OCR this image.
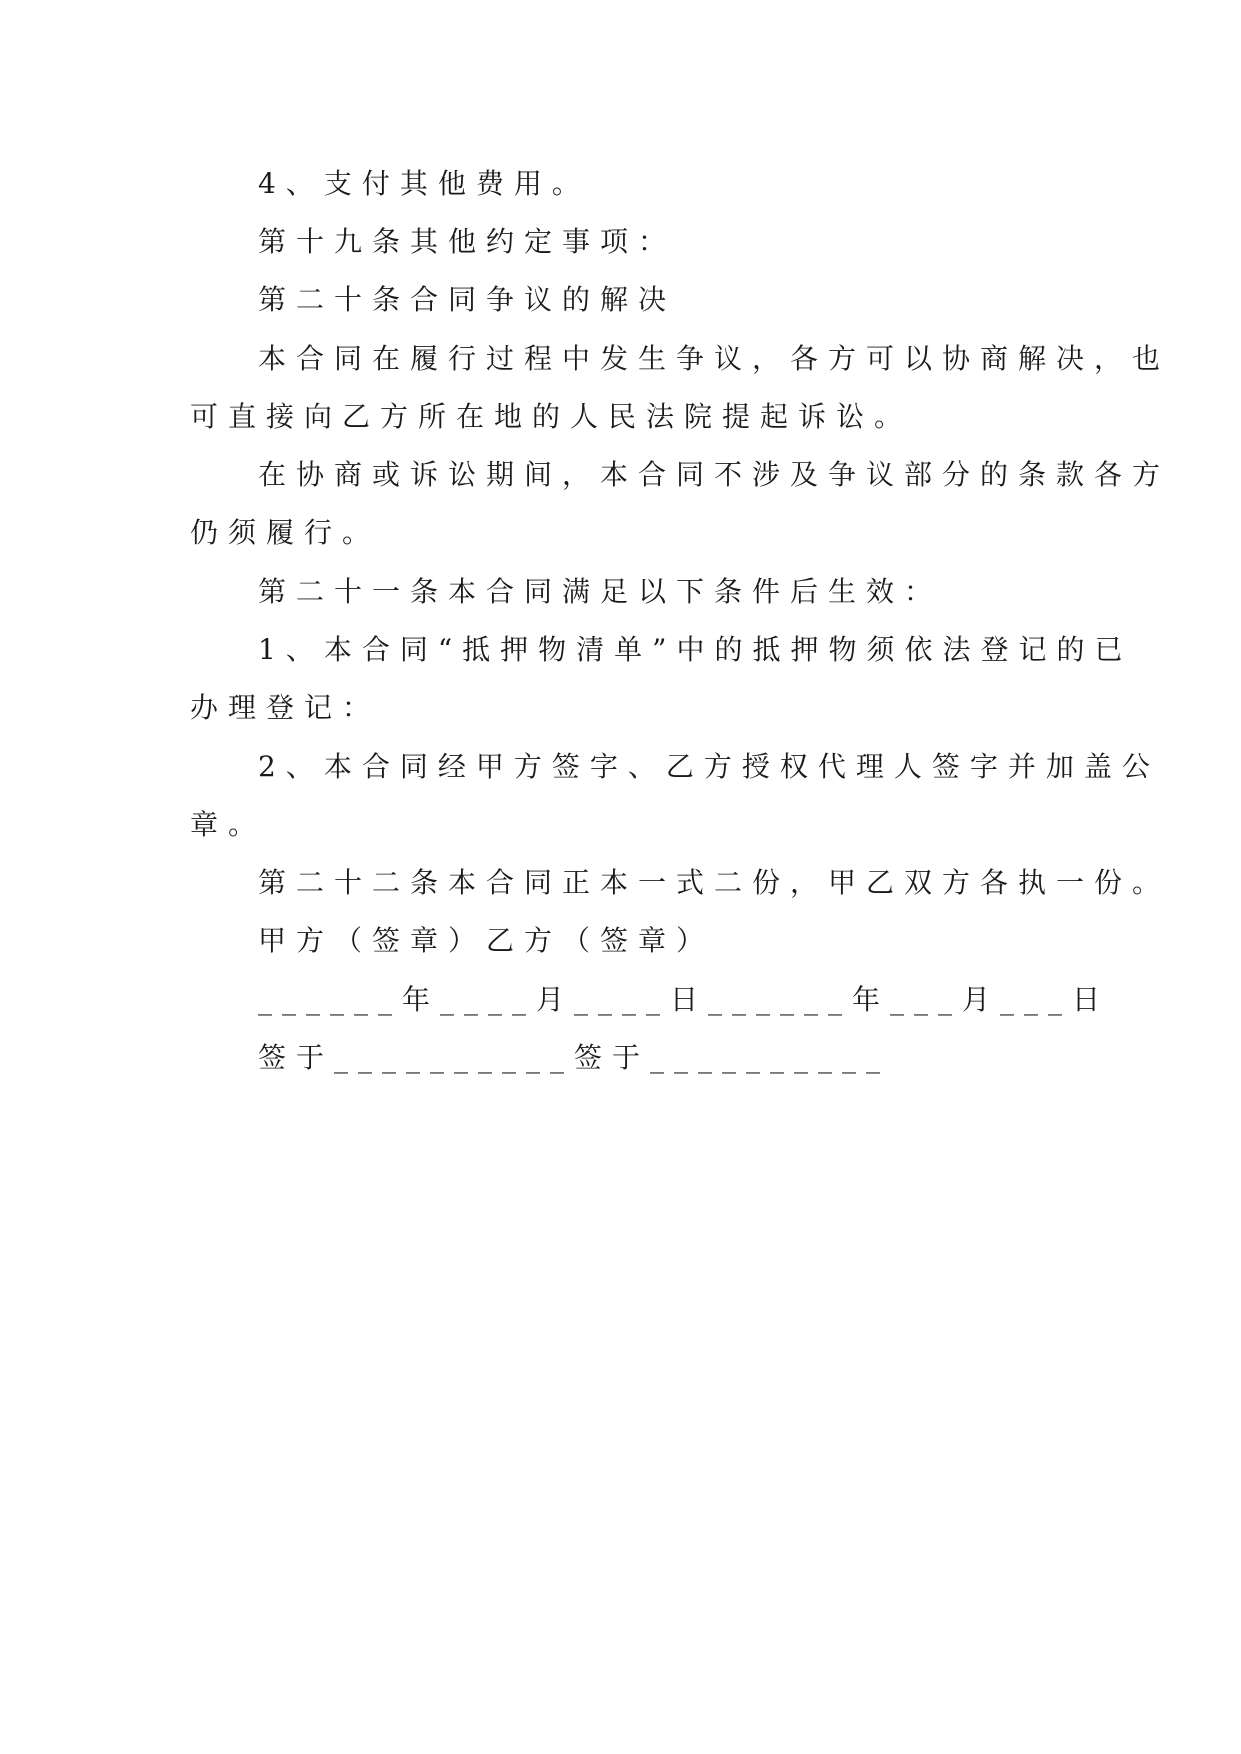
4、支付其他费用。
第十九条其他约定事项：
第二十条合同争议的解决
本合同在履行过程中发生争议，各方可以协商解决，也
可直接向乙方所在地的人民法院提起诉讼。
在协商或诉讼期间，本合同不涉及争议部分的条款各方
仍须履行。
第二十一条本合同满足以下条件后生效：
1、本合同“抵押物清单”中的抵押物须依法登记的已
办理登记：
2、本合同经甲方签字、乙方授权代理人签字并加盖公
章。
第二十二条本合同正本一式二份，甲乙双方各执一份。
甲方（签章）乙方（签章）
______年____月____日______年___月___日
签于__________签于__________
